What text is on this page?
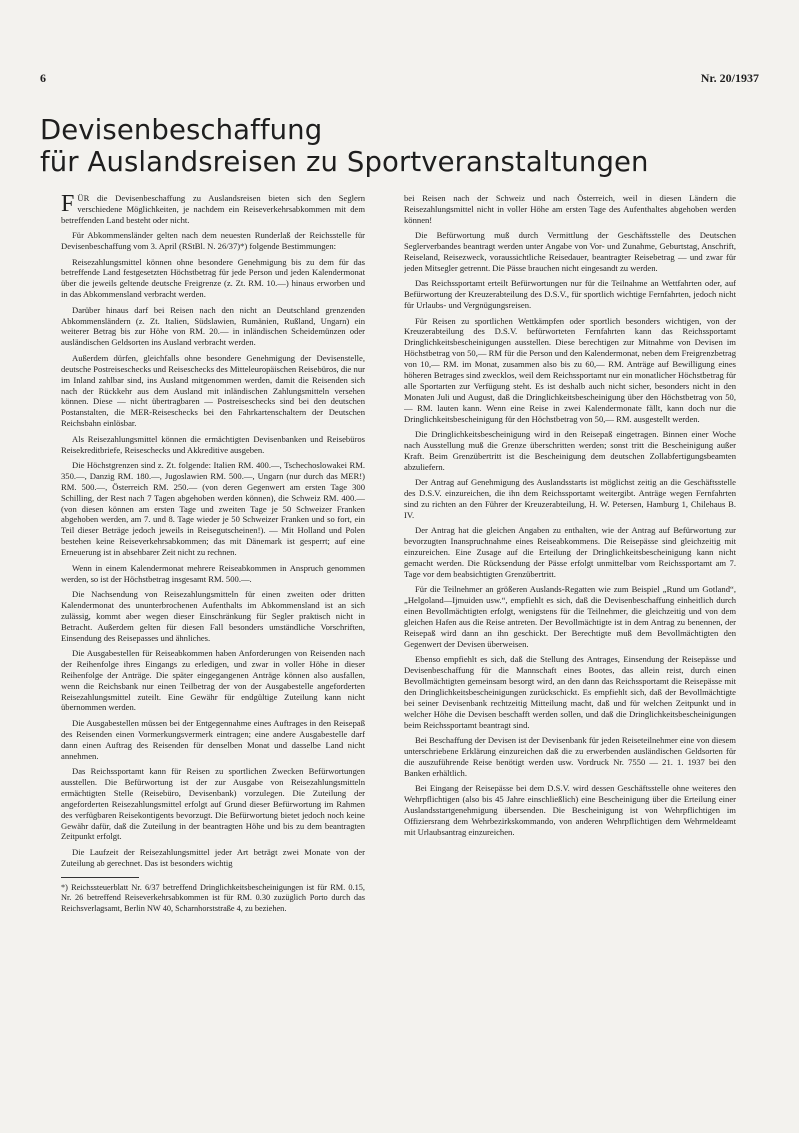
6	Nr. 20/1937
Devisenbeschaffung
für Auslandsreisen zu Sportveranstaltungen

FÜR die Devisenbeschaffung zu Auslandsreisen bieten sich den Seglern verschiedene Möglichkeiten, je nachdem ein Reiseverkehrsabkommen mit dem betreffenden Land besteht oder nicht.

Für Abkommensländer gelten nach dem neuesten Runderlaß der Reichsstelle für Devisenbeschaffung vom 3. April (RStBl. N. 26/37)*) folgende Bestimmungen:

Reisezahlungsmittel können ohne besondere Genehmigung bis zu dem für das betreffende Land festgesetzten Höchstbetrag für jede Person und jeden Kalendermonat über die jeweils geltende deutsche Freigrenze (z. Zt. RM. 10.—) hinaus erworben und in das Abkommensland verbracht werden.

Darüber hinaus darf bei Reisen nach den nicht an Deutschland grenzenden Abkommensländern (z. Zt. Italien, Südslawien, Rumänien, Rußland, Ungarn) ein weiterer Betrag bis zur Höhe von RM. 20.— in inländischen Scheidemünzen oder ausländischen Geldsorten ins Ausland verbracht werden.

Außerdem dürfen, gleichfalls ohne besondere Genehmigung der Devisenstelle, deutsche Postreiseschecks und Reiseschecks des Mitteleuropäischen Reisebüros, die nur im Inland zahlbar sind, ins Ausland mitgenommen werden, damit die Reisenden sich nach der Rückkehr aus dem Ausland mit inländischen Zahlungsmitteln versehen können. Diese — nicht übertragbaren — Postreiseschecks sind bei den deutschen Postanstalten, die MER-Reiseschecks bei den Fahrkartenschaltern der Deutschen Reichsbahn einlösbar.

Als Reisezahlungsmittel können die ermächtigten Devisenbanken und Reisebüros Reisekreditbriefe, Reiseschecks und Akkreditive ausgeben.

Die Höchstgrenzen sind z. Zt. folgende: Italien RM. 400.—, Tschechoslowakei RM. 350.—, Danzig RM. 180.—, Jugoslawien RM. 500.—, Ungarn (nur durch das MER!) RM. 500.—, Österreich RM. 250.— (von deren Gegenwert am ersten Tage 300 Schilling, der Rest nach 7 Tagen abgehoben werden können), die Schweiz RM. 400.— (von diesen können am ersten Tage und zweiten Tage je 50 Schweizer Franken abgehoben werden, am 7. und 8. Tage wieder je 50 Schweizer Franken und so fort, ein Teil dieser Beträge jedoch jeweils in Reisegutscheinen!). — Mit Holland und Polen bestehen keine Reiseverkehrsabkommen; das mit Dänemark ist gesperrt; auf eine Erneuerung ist in absehbarer Zeit nicht zu rechnen.

Wenn in einem Kalendermonat mehrere Reiseabkommen in Anspruch genommen werden, so ist der Höchstbetrag insgesamt RM. 500.—.

Die Nachsendung von Reisezahlungsmitteln für einen zweiten oder dritten Kalendermonat des ununterbrochenen Aufenthalts im Abkommensland ist an sich zulässig, kommt aber wegen dieser Einschränkung für Segler praktisch nicht in Betracht. Außerdem gelten für diesen Fall besonders umständliche Vorschriften, Einsendung des Reisepasses und ähnliches.

Die Ausgabestellen für Reiseabkommen haben Anforderungen von Reisenden nach der Reihenfolge ihres Eingangs zu erledigen, und zwar in voller Höhe in dieser Reihenfolge der Anträge. Die später eingegangenen Anträge können also ausfallen, wenn die Reichsbank nur einen Teilbetrag der von der Ausgabestelle angeforderten Reisezahlungsmittel zuteilt. Eine Gewähr für endgültige Zuteilung kann nicht übernommen werden.

Die Ausgabestellen müssen bei der Entgegennahme eines Auftrages in den Reisepaß des Reisenden einen Vormerkungsvermerk eintragen; eine andere Ausgabestelle darf dann einen Auftrag des Reisenden für denselben Monat und dasselbe Land nicht annehmen.

Das Reichssportamt kann für Reisen zu sportlichen Zwecken Befürwortungen ausstellen. Die Befürwortung ist der zur Ausgabe von Reisezahlungsmitteln ermächtigten Stelle (Reisebüro, Devisenbank) vorzulegen. Die Zuteilung der angeforderten Reisezahlungsmittel erfolgt auf Grund dieser Befürwortung im Rahmen des verfügbaren Reisekontigents bevorzugt. Die Befürwortung bietet jedoch noch keine Gewähr dafür, daß die Zuteilung in der beantragten Höhe und bis zu dem beantragten Zeitpunkt erfolgt.

Die Laufzeit der Reisezahlungsmittel jeder Art beträgt zwei Monate von der Zuteilung ab gerechnet. Das ist besonders wichtig

*) Reichssteuerblatt Nr. 6/37 betreffend Dringlichkeitsbescheinigungen ist für RM. 0.15, Nr. 26 betreffend Reiseverkehrsabkommen ist für RM. 0.30 zuzüglich Porto durch das Reichsverlagsamt, Berlin NW 40, Scharnhorststraße 4, zu beziehen.

bei Reisen nach der Schweiz und nach Österreich, weil in diesen Ländern die Reisezahlungsmittel nicht in voller Höhe am ersten Tage des Aufenthaltes abgehoben werden können!

Die Befürwortung muß durch Vermittlung der Geschäftsstelle des Deutschen Seglerverbandes beantragt werden unter Angabe von Vor- und Zunahme, Geburtstag, Anschrift, Reiseland, Reisezweck, voraussichtliche Reisedauer, beantragter Reisebetrag — und zwar für jeden Mitsegler getrennt. Die Pässe brauchen nicht eingesandt zu werden.

Das Reichssportamt erteilt Befürwortungen nur für die Teilnahme an Wettfahrten oder, auf Befürwortung der Kreuzerabteilung des D.S.V., für sportlich wichtige Fernfahrten, jedoch nicht für Urlaubs- und Vergnügungsreisen.

Für Reisen zu sportlichen Wettkämpfen oder sportlich besonders wichtigen, von der Kreuzerabteilung des D.S.V. befürworteten Fernfahrten kann das Reichssportamt Dringlichkeitsbescheinigungen ausstellen. Diese berechtigen zur Mitnahme von Devisen im Höchstbetrag von 50,— RM für die Person und den Kalendermonat, neben dem Freigrenzbetrag von 10,— RM. im Monat, zusammen also bis zu 60,— RM. Anträge auf Bewilligung eines höheren Betrages sind zwecklos, weil dem Reichssportamt nur ein monatlicher Höchstbetrag für alle Sportarten zur Verfügung steht. Es ist deshalb auch nicht sicher, besonders nicht in den Monaten Juli und August, daß die Dringlichkeitsbescheinigung über den Höchstbetrag von 50,— RM. lauten kann. Wenn eine Reise in zwei Kalendermonate fällt, kann doch nur die Dringlichkeitsbescheinigung für den Höchstbetrag von 50,— RM. ausgestellt werden.

Die Dringlichkeitsbescheinigung wird in den Reisepaß eingetragen. Binnen einer Woche nach Ausstellung muß die Grenze überschritten werden; sonst tritt die Bescheinigung außer Kraft. Beim Grenzübertritt ist die Bescheinigung dem deutschen Zollabfertigungsbeamten abzuliefern.

Der Antrag auf Genehmigung des Auslandsstarts ist möglichst zeitig an die Geschäftsstelle des D.S.V. einzureichen, die ihn dem Reichssportamt weitergibt. Anträge wegen Fernfahrten sind zu richten an den Führer der Kreuzerabteilung, H. W. Petersen, Hamburg 1, Chilehaus B. IV.

Der Antrag hat die gleichen Angaben zu enthalten, wie der Antrag auf Befürwortung zur bevorzugten Inanspruchnahme eines Reiseabkommens. Die Reisepässe sind gleichzeitig mit einzureichen. Eine Zusage auf die Erteilung der Dringlichkeitsbescheinigung kann nicht gemacht werden. Die Rücksendung der Pässe erfolgt unmittelbar vom Reichssportamt am 7. Tage vor dem beabsichtigten Grenzübertritt.

Für die Teilnehmer an größeren Auslands-Regatten wie zum Beispiel „Rund um Gotland“, „Helgoland—Ijmuiden usw.“, empfiehlt es sich, daß die Devisenbeschaffung einheitlich durch einen Bevollmächtigten erfolgt, wenigstens für die Teilnehmer, die gleichzeitig und von dem gleichen Hafen aus die Reise antreten. Der Bevollmächtigte ist in dem Antrag zu benennen, der Reisepaß wird dann an ihn geschickt. Der Berechtigte muß dem Bevollmächtigten den Gegenwert der Devisen überweisen.

Ebenso empfiehlt es sich, daß die Stellung des Antrages, Einsendung der Reisepässe und Devisenbeschaffung für die Mannschaft eines Bootes, das allein reist, durch einen Bevollmächtigten gemeinsam besorgt wird, an den dann das Reichssportamt die Reisepässe mit den Dringlichkeitsbescheinigungen zurückschickt. Es empfiehlt sich, daß der Bevollmächtigte bei seiner Devisenbank rechtzeitig Mitteilung macht, daß und für welchen Zeitpunkt und in welcher Höhe die Devisen beschafft werden sollen, und daß die Dringlichkeitsbescheinigungen beim Reichssportamt beantragt sind.

Bei Beschaffung der Devisen ist der Devisenbank für jeden Reiseteilnehmer eine von diesem unterschriebene Erklärung einzureichen daß die zu erwerbenden ausländischen Geldsorten für die auszuführende Reise benötigt werden usw. Vordruck Nr. 7550 — 21. 1. 1937 bei den Banken erhältlich.

Bei Eingang der Reisepässe bei dem D.S.V. wird dessen Geschäftsstelle ohne weiteres den Wehrpflichtigen (also bis 45 Jahre einschließlich) eine Bescheinigung über die Erteilung einer Auslandsstartgenehmigung übersenden. Die Bescheinigung ist von Wehrpflichtigen im Offiziersrang dem Wehrbezirkskommando, von anderen Wehrpflichtigen dem Wehrmeldeamt mit Urlaubsantrag einzureichen.
